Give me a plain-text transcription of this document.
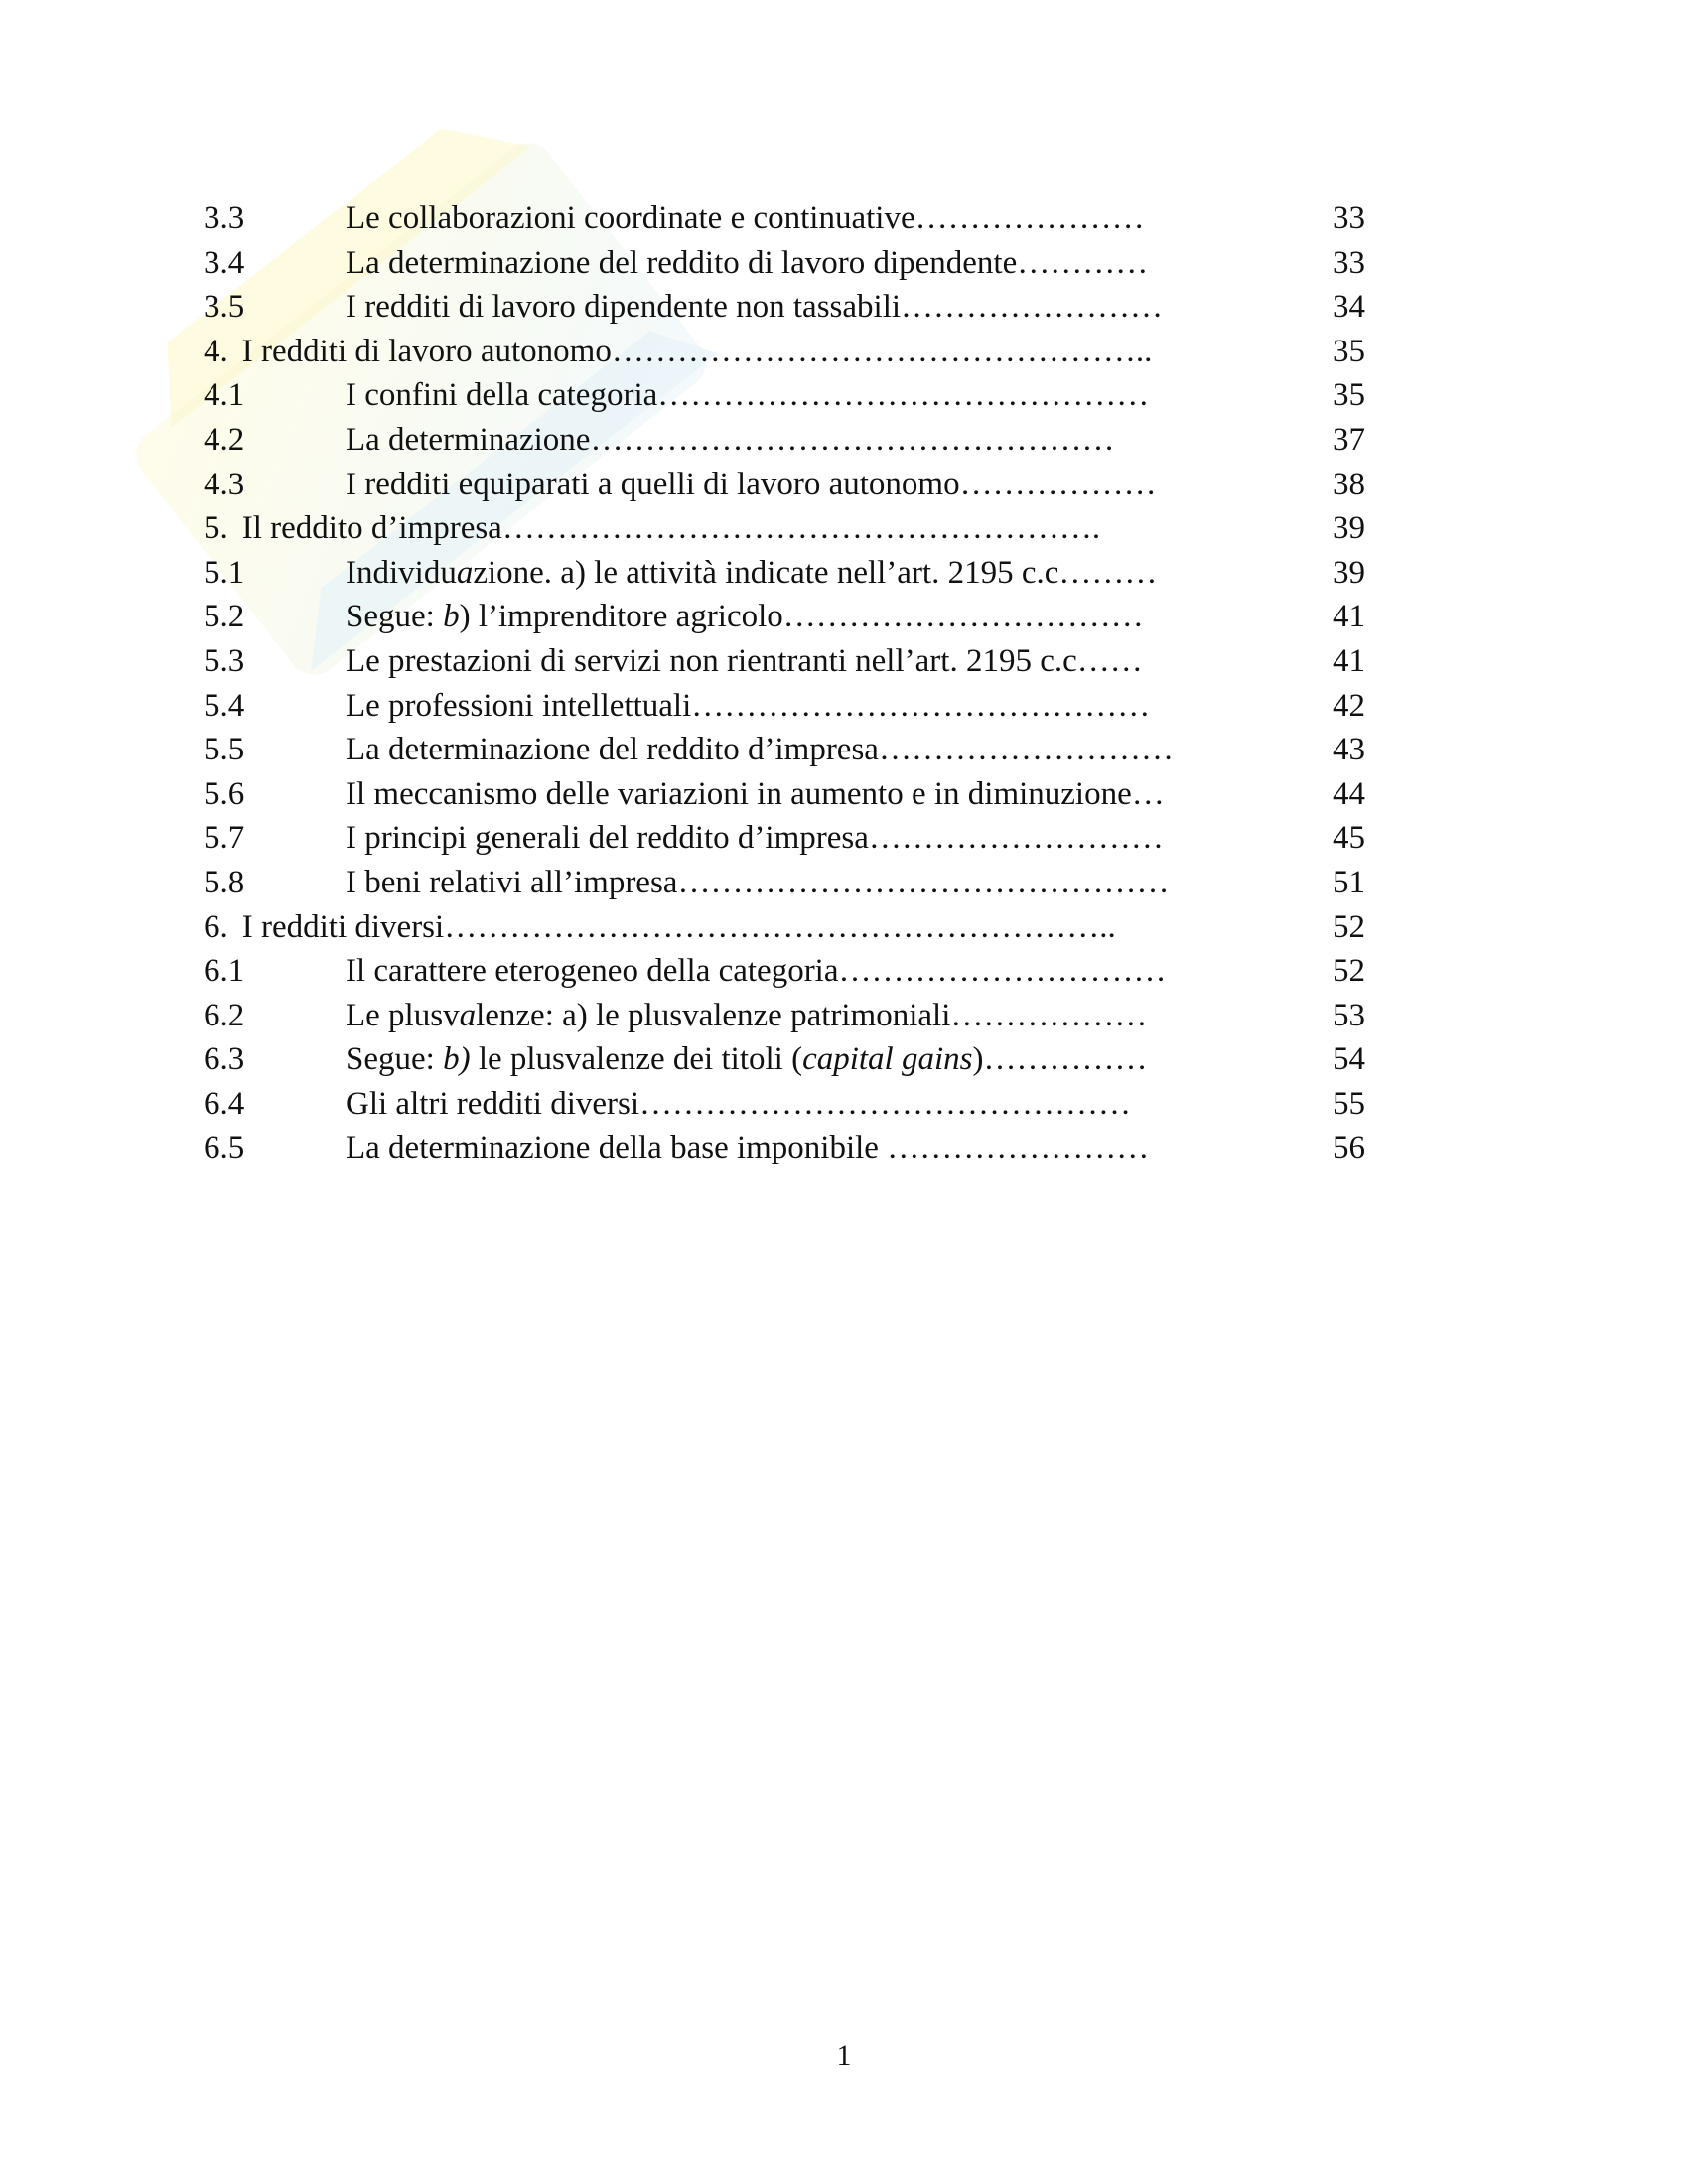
3.3	Le collaborazioni coordinate e continuative…………………	33
3.4	La determinazione del reddito di lavoro dipendente…………	33
3.5	I redditi di lavoro dipendente non tassabili……………………	34
4. I redditi di lavoro autonomo…………………………………………..	35
4.1	I confini della categoria………………………………………	35
4.2	La determinazione…………………………………………	37
4.3	I redditi equiparati a quelli di lavoro autonomo………………	38
5. Il reddito d’impresa……………………………………………….	39
5.1	Individuazione. a) le attività indicate nell’art. 2195 c.c………	39
5.2	Segue: b) l’imprenditore agricolo……………………………	41
5.3	Le prestazioni di servizi non rientranti nell’art. 2195 c.c……	41
5.4	Le professioni intellettuali……………………………………	42
5.5	La determinazione del reddito d’impresa………………………	43
5.6	Il meccanismo delle variazioni in aumento e in diminuzione…	44
5.7	I principi generali del reddito d’impresa………………………	45
5.8	I beni relativi all’impresa………………………………………	51
6. I redditi diversi……………………………………………………..	52
6.1	Il carattere eterogeneo della categoria…………………………	52
6.2	Le plusvalenze: a) le plusvalenze patrimoniali………………	53
6.3	Segue: b) le plusvalenze dei titoli (capital gains)……………	54
6.4	Gli altri redditi diversi………………………………………	55
6.5	La determinazione della base imponibile ……………………	56
1
